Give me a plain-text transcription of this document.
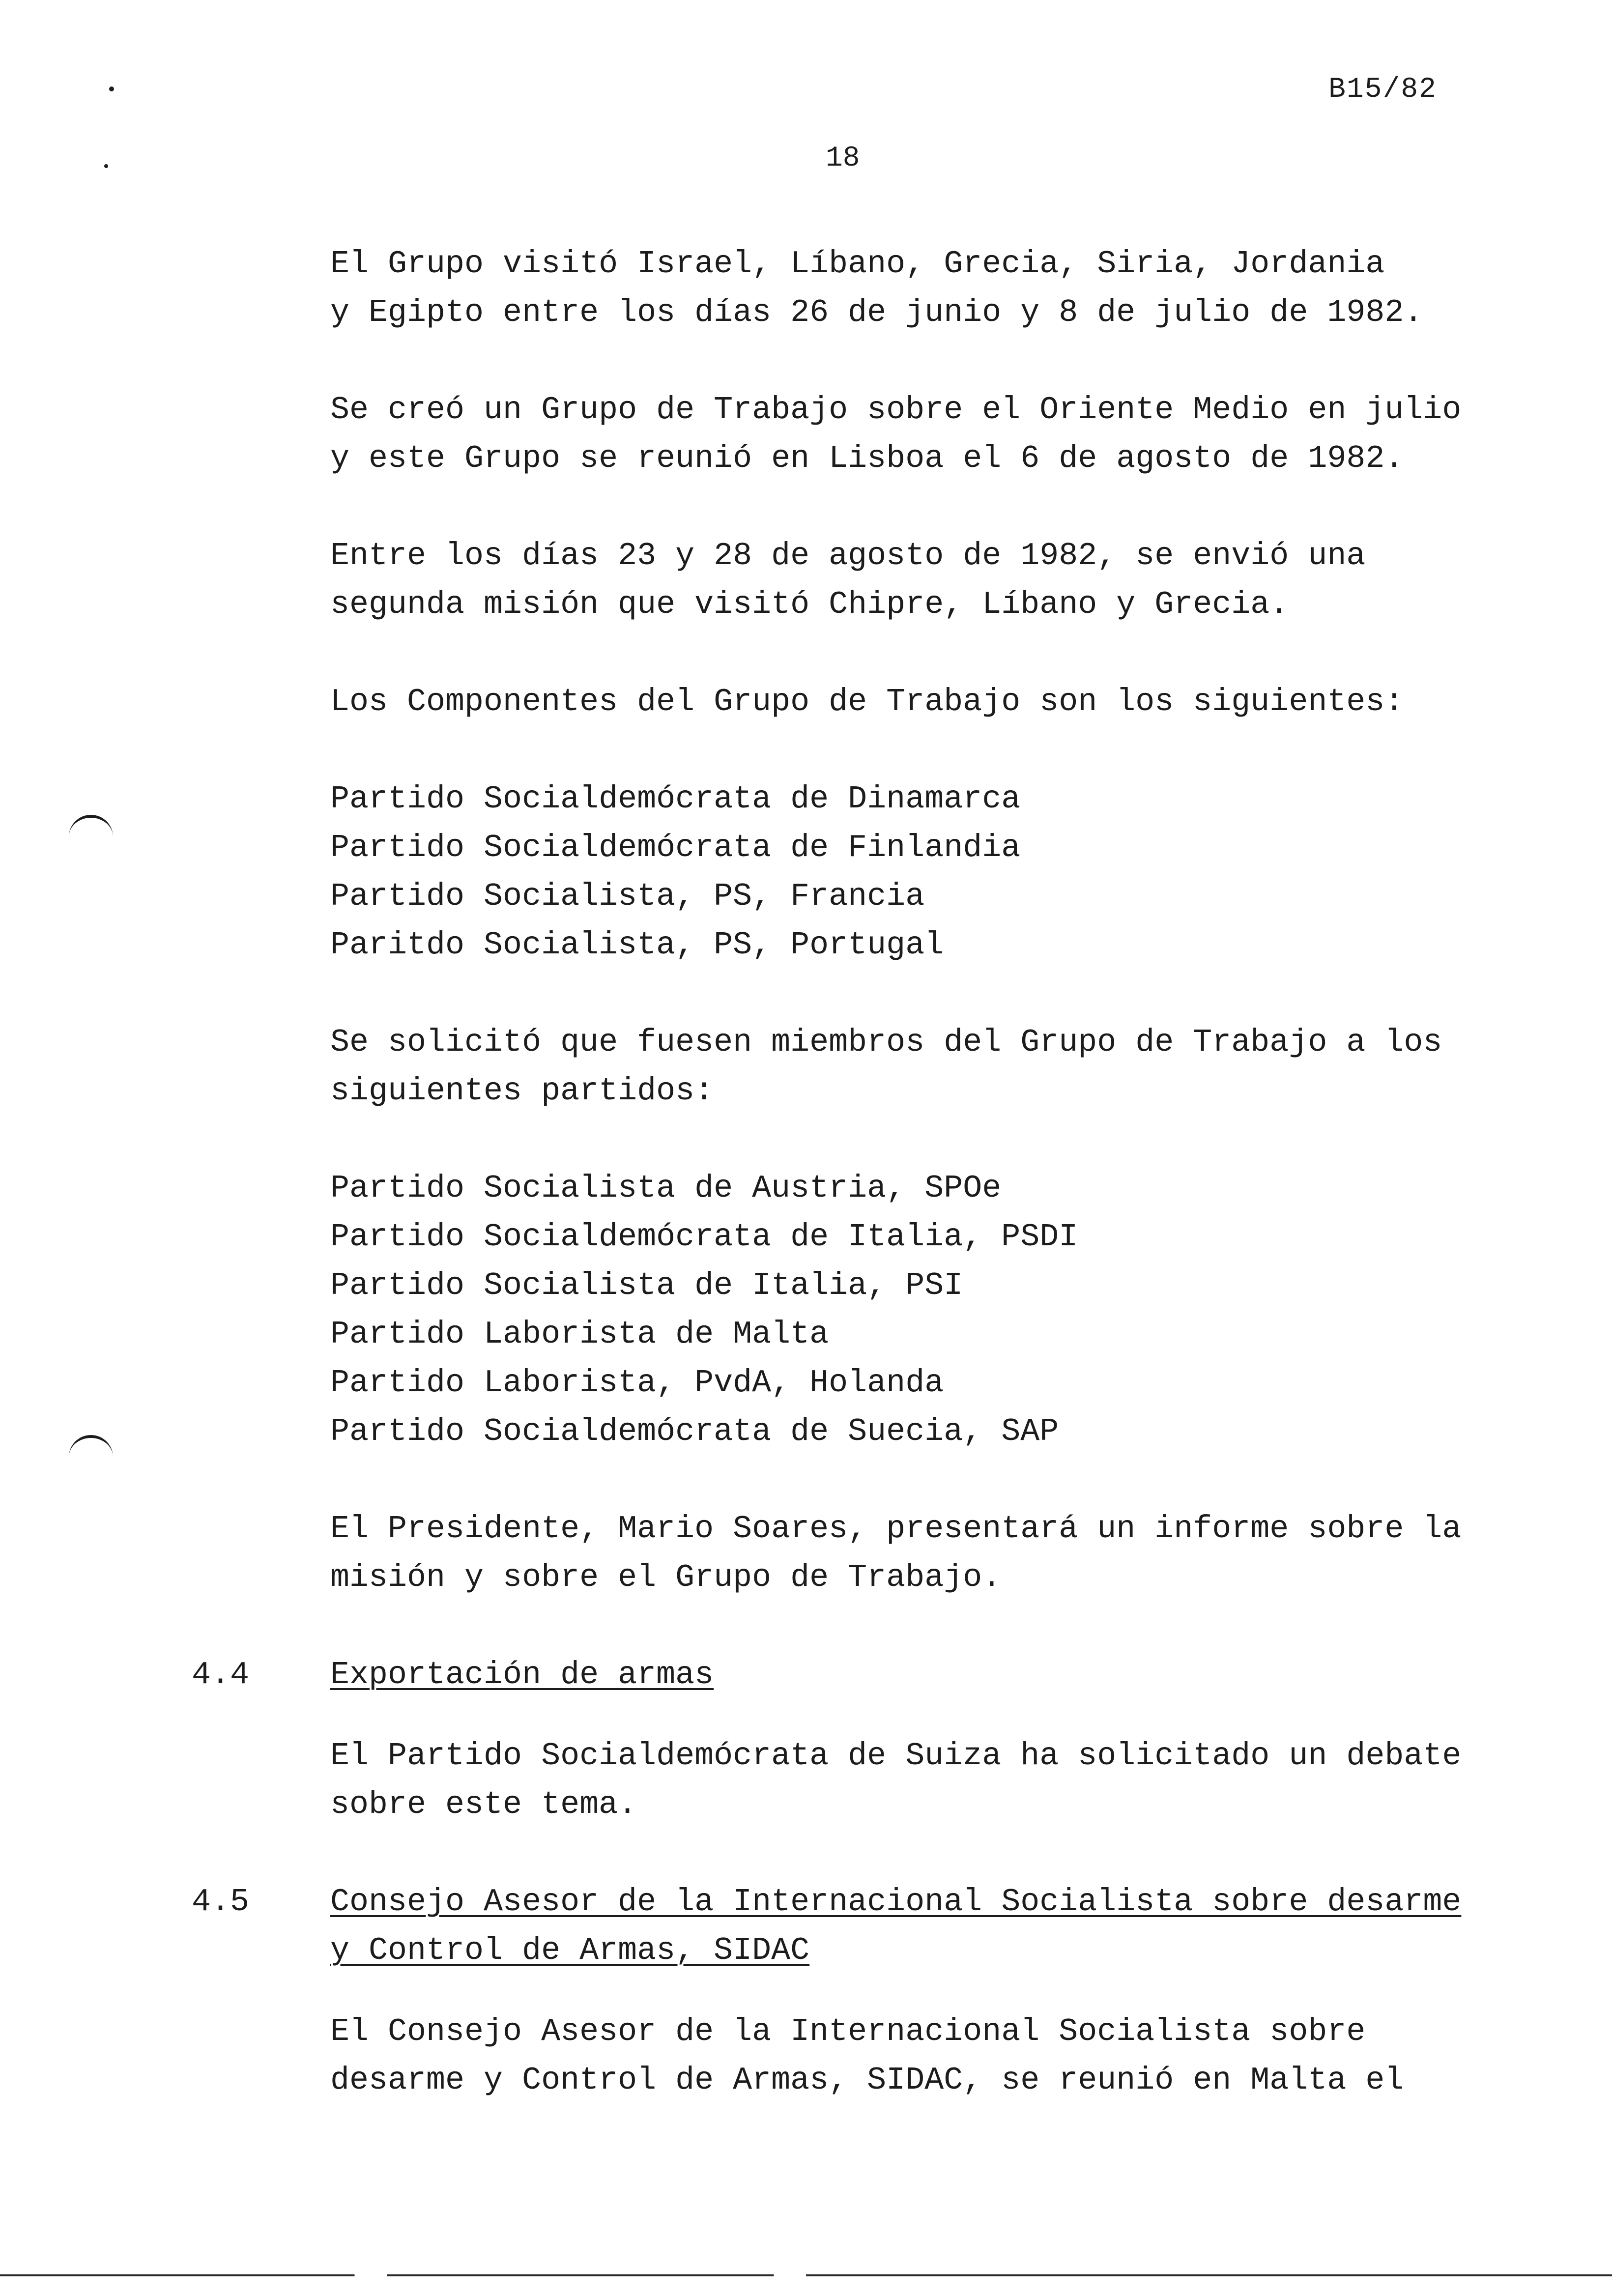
B15/82
18

El Grupo visitó Israel, Líbano, Grecia, Siria, Jordania
y Egipto entre los días 26 de junio y 8 de julio de 1982.

Se creó un Grupo de Trabajo sobre el Oriente Medio en julio
y este Grupo se reunió en Lisboa el 6 de agosto de 1982.

Entre los días 23 y 28 de agosto de 1982, se envió una
segunda misión que visitó Chipre, Líbano y Grecia.

Los Componentes del Grupo de Trabajo son los siguientes:

Partido Socialdemócrata de Dinamarca
Partido Socialdemócrata de Finlandia
Partido Socialista, PS, Francia
Paritdo Socialista, PS, Portugal

Se solicitó que fuesen miembros del Grupo de Trabajo a los
siguientes partidos:

Partido Socialista de Austria, SPOe
Partido Socialdemócrata de Italia, PSDI
Partido Socialista de Italia, PSI
Partido Laborista de Malta
Partido Laborista, PvdA, Holanda
Partido Socialdemócrata de Suecia, SAP

El Presidente, Mario Soares, presentará un informe sobre la
misión y sobre el Grupo de Trabajo.

4.4	Exportación de armas

El Partido Socialdemócrata de Suiza ha solicitado un debate
sobre este tema.

4.5	Consejo Asesor de la Internacional Socialista sobre desarme
y Control de Armas, SIDAC

El Consejo Asesor de la Internacional Socialista sobre
desarme y Control de Armas, SIDAC, se reunió en Malta el
